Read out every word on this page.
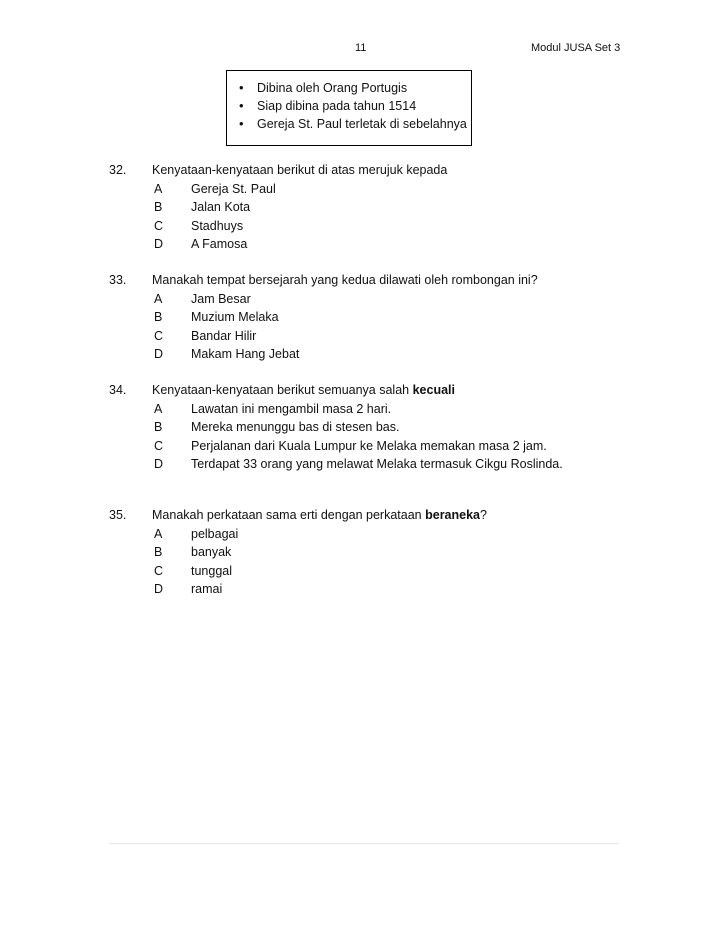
11	Modul JUSA Set 3
• Dibina oleh Orang Portugis
• Siap dibina pada tahun 1514
• Gereja St. Paul terletak di sebelahnya
32. Kenyataan-kenyataan berikut di atas merujuk kepada
A Gereja St. Paul
B Jalan Kota
C Stadhuys
D A Famosa
33. Manakah tempat bersejarah yang kedua dilawati oleh rombongan ini?
A Jam Besar
B Muzium Melaka
C Bandar Hilir
D Makam Hang Jebat
34. Kenyataan-kenyataan berikut semuanya salah kecuali
A Lawatan ini mengambil masa 2 hari.
B Mereka menunggu bas di stesen bas.
C Perjalanan dari Kuala Lumpur ke Melaka memakan masa 2 jam.
D Terdapat 33 orang yang melawat Melaka termasuk Cikgu Roslinda.
35. Manakah perkataan sama erti dengan perkataan beraneka?
A pelbagai
B banyak
C tunggal
D ramai
